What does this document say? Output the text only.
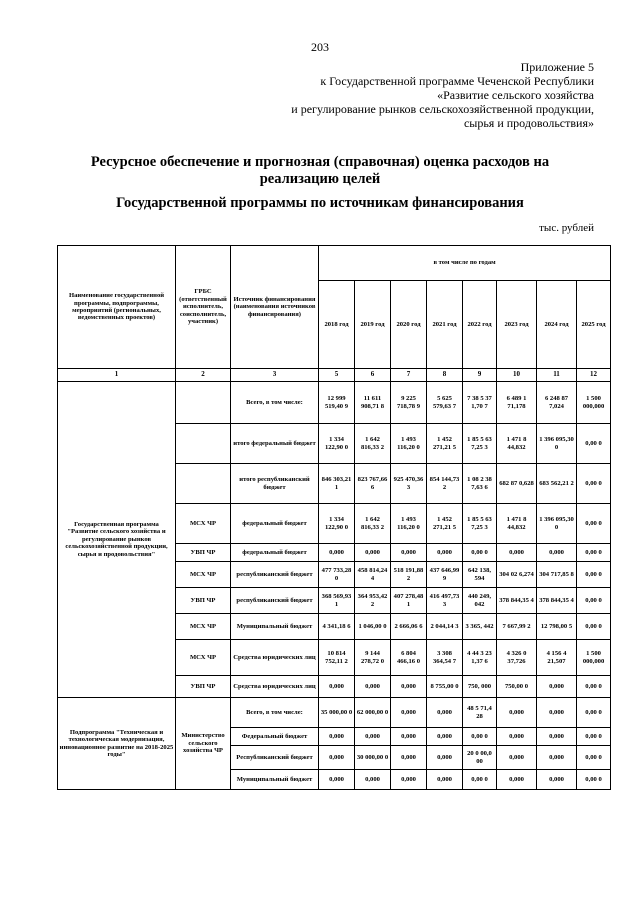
203
Приложение 5
к Государственной программе Чеченской Республики
«Развитие сельского хозяйства
и регулирование рынков сельскохозяйственной продукции,
сырья и продовольствия»
Ресурсное обеспечение и прогнозная (справочная) оценка расходов на
реализацию целей
Государственной программы по источникам финансирования
тыс. рублей
Наименование государственной программы, подпрограммы, мероприятий (региональных, ведомственных проектов)	ГРБС (ответственный исполнитель, соисполнитель, участник)	Источник финансирования (наименования источников финансирования)	в том числе по годам							
			2018 год	2019 год	2020 год	2021 год	2022 год	2023 год	2024 год	2025 год
1	2	3	5	6	7	8	9	10	11	12
Государственная программа "Развитие сельского хозяйства и регулирование рынков сельскохозяйственной продукции, сырья и продовольствия"		Всего, в том числе:	12 999 519,40 9	11 611 908,71 8	9 225 718,78 9	5 625 579,63 7	7 38 5 37 1,70 7	6 489 1 71,178	6 248 87 7,024	1 500 000,000
		итого федеральный бюджет	1 334 122,90 0	1 642 816,33 2	1 493 116,20 0	1 452 271,21 5	1 85 5 63 7,25 3	1 471 8 44,832	1 396 095,30 0	0,00 0
		итого республиканский бюджет	846 303,21 1	823 767,66 6	925 470,36 3	854 144,73 2	1 08 2 38 7,63 6	682 87 0,628	683 562,21 2	0,00 0
	МСХ ЧР	федеральный бюджет	1 334 122,90 0	1 642 816,33 2	1 493 116,20 0	1 452 271,21 5	1 85 5 63 7,25 3	1 471 8 44,832	1 396 095,30 0	0,00 0
	УВП ЧР	федеральный бюджет	0,000	0,000	0,000	0,000	0,00 0	0,000	0,000	0,00 0
	МСХ ЧР	республиканский бюджет	477 733,28 0	458 814,24 4	518 191,88 2	437 646,99 9	642 138, 594	304 02 6,274	304 717,85 8	0,00 0
	УВП ЧР	республиканский бюджет	368 569,93 1	364 953,42 2	407 278,48 1	416 497,73 3	440 249, 042	378 844,35 4	378 844,35 4	0,00 0
	МСХ ЧР	Муниципальный бюджет	4 341,18 6	1 046,00 0	2 666,06 6	2 044,14 3	3 365, 442	7 667,99 2	12 798,00 5	0,00 0
	МСХ ЧР	Средства юридических лиц	10 814 752,11 2	9 144 278,72 0	6 804 466,16 0	3 308 364,54 7	4 44 3 23 1,37 6	4 326 0 37,726	4 156 4 21,507	1 500 000,000
	УВП ЧР	Средства юридических лиц	0,000	0,000	0,000	8 755,00 0	750, 000	750,00 0	0,000	0,00 0
Подпрограмма "Техническая и технологическая модернизация, инновационное развитие на 2018-2025 годы"	Министерство сельского хозяйства ЧР	Всего, в том числе:	35 000,00 0	62 000,00 0	0,000	0,000	48 5 71,4 28	0,000	0,000	0,00 0
		Федеральный бюджет	0,000	0,000	0,000	0,000	0,00 0	0,000	0,000	0,00 0
		Республиканский бюджет	0,000	30 000,00 0	0,000	0,000	20 0 00,0 00	0,000	0,000	0,00 0
		Муниципальный бюджет	0,000	0,000	0,000	0,000	0,00 0	0,000	0,000	0,00 0
